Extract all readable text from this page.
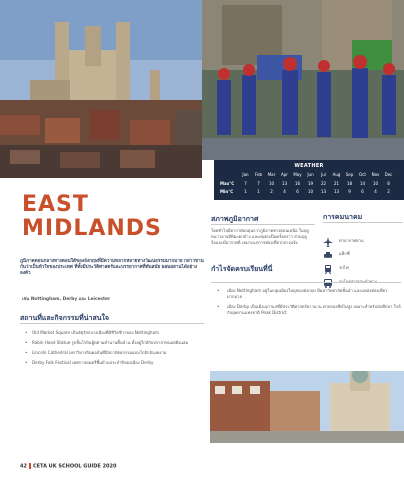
WEATHER
Jan	Feb	Mar	Apr	May	Jun	Jul	Aug	Sep	Oct	Nov	Dec
Max°C	7	7	10	13	16	19	22	21	18	14	10	8
Min°C	1	1	2	4	6	10	13	13	9	6	4	2
EAST
MIDLANDS
ภูมิภาคตอนกลางทางตอนใต้ของอังกฤษที่มีความหลากหลายทางวัฒนธรรมมากมาย กล่าวขานกันว่าเป็นหัวใจของประเทศ ที่ทั้งมีประวัติศาสตร์และบรรยากาศที่ทันสมัย ผสมผสานได้อย่างลงตัว
เช่น Nottingham, Derby และ Leicester
สถานที่และกิจกรรมที่น่าสนใจ
• Old Market Square เป็นจัตุรัสกลางเมืองที่มีชีวิตชีวาของ Nottingham
• Robin Hood Statue รูปปั้นโรบินฮู้ดตามตำนานพื้นบ้าน ตั้งอยู่ใกล้กับปราสาทนอตติงแฮม
• Lincoln Cathedral มหาวิหารลินคอล์นที่มีสถาปัตยกรรมแบบโกธิกอันงดงาม
• Derby Folk Festival เทศกาลดนตรีพื้นบ้านประจำปีของเมือง Derby
สภาพภูมิอากาศ
โดยทั่วไปมีอากาศอบอุ่นกว่าภูมิภาคทางตอนเหนือ ในฤดูหนาวอาจมีหิมะตกบ้าง และฝนตกเป็นครั้งคราว ส่วนฤดูร้อนจะมีอากาศดี เหมาะแก่การท่องเที่ยวกลางแจ้ง
การคมนาคม
ท่าอากาศยาน
แท็กซี่
รถไฟ
กำไรจัดครบเรียนที่นี่
• เมือง Nottingham อยู่ในกลุ่มเมืองใหญ่ของอังกฤษ มีมหาวิทยาลัยชั้นนำ และแหล่งท่องเที่ยวมากมาย
• เมือง Derby เป็นเมืองเก่าแก่ที่มีประวัติศาสตร์ยาวนาน ค่าครองชีพไม่สูง เหมาะสำหรับนักศึกษา ใกล้กับอุทยานแห่งชาติ Peak District
42 CETA UK SCHOOL GUIDE 2020
